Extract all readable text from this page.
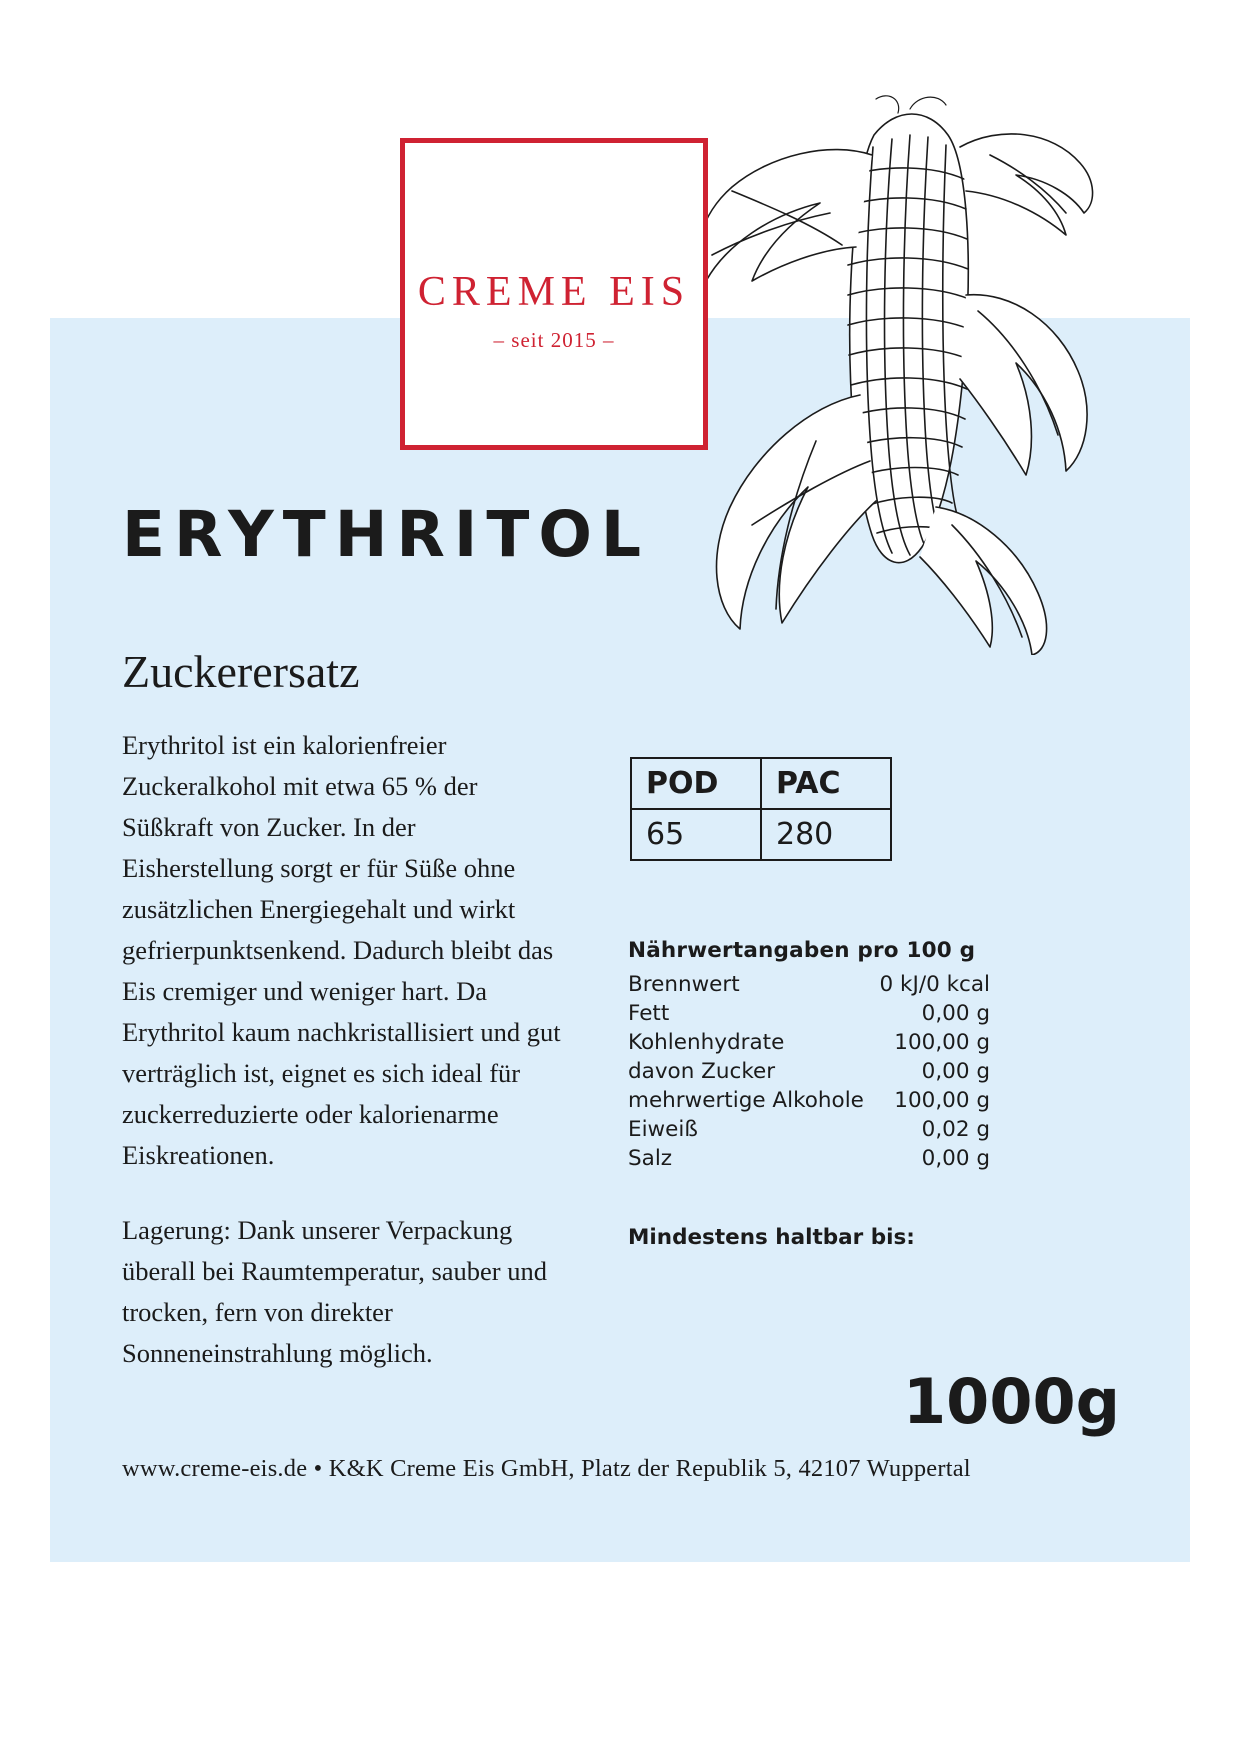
CREME EIS
– seit 2015 –
ERYTHRITOL
Zuckerersatz

Erythritol ist ein kalorienfreier Zuckeralkohol mit etwa 65 % der Süßkraft von Zucker. In der Eisherstellung sorgt er für Süße ohne zusätzlichen Energiegehalt und wirkt gefrierpunktsenkend. Dadurch bleibt das Eis cremiger und weniger hart. Da Erythritol kaum nachkristallisiert und gut verträglich ist, eignet es sich ideal für zuckerreduzierte oder kalorienarme Eiskreationen.

Lagerung: Dank unserer Verpackung überall bei Raumtemperatur, sauber und trocken, fern von direkter Sonneneinstrahlung möglich.

POD	PAC
65	280
Nährwertangaben pro 100 g
Brennwert	0 kJ/0 kcal
Fett	0,00 g
Kohlenhydrate	100,00 g
davon Zucker	0,00 g
mehrwertige Alkohole 100,00 g
Eiweiß	0,02 g
Salz	0,00 g
Mindestens haltbar bis:
1000g
www.creme-eis.de • K&K Creme Eis GmbH, Platz der Republik 5, 42107 Wuppertal
